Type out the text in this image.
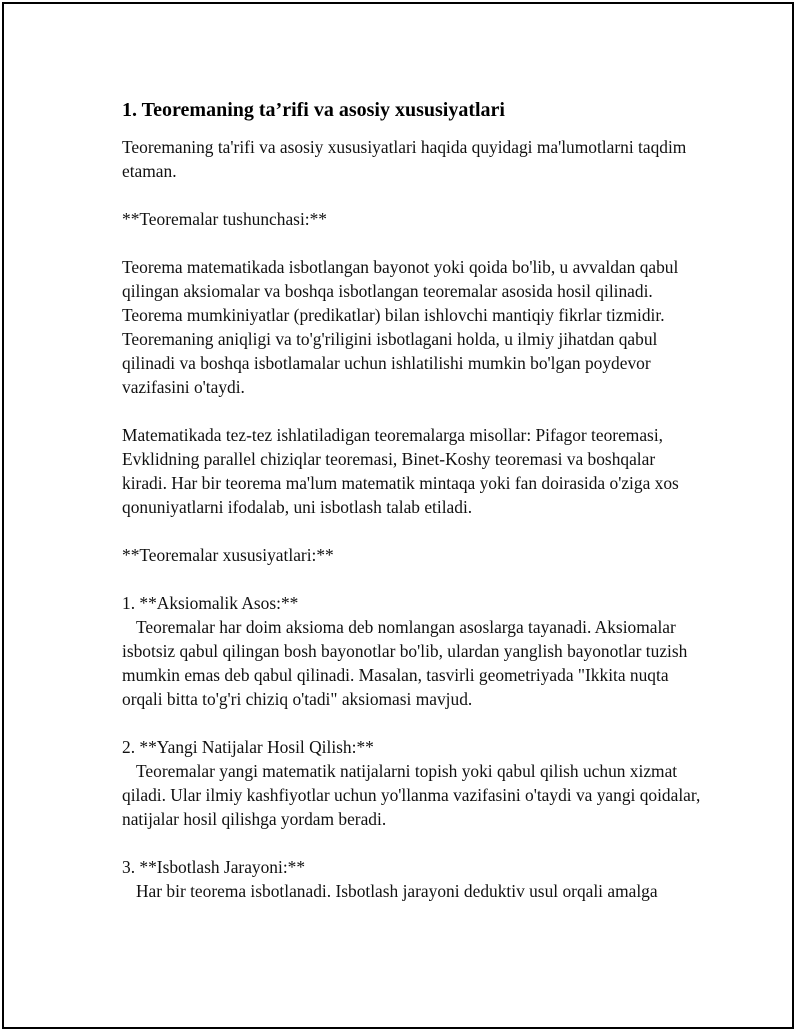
1. Teoremaning ta’rifi va asosiy xususiyatlari

Teoremaning ta'rifi va asosiy xususiyatlari haqida quyidagi ma'lumotlarni taqdim etaman.

**Teoremalar tushunchasi:**

Teorema matematikada isbotlangan bayonot yoki qoida bo'lib, u avvaldan qabul qilingan aksiomalar va boshqa isbotlangan teoremalar asosida hosil qilinadi. Teorema mumkiniyatlar (predikatlar) bilan ishlovchi mantiqiy fikrlar tizmidir. Teoremaning aniqligi va to'g'riligini isbotlagani holda, u ilmiy jihatdan qabul qilinadi va boshqa isbotlamalar uchun ishlatilishi mumkin bo'lgan poydevor vazifasini o'taydi.

Matematikada tez-tez ishlatiladigan teoremalarga misollar: Pifagor teoremasi, Evklidning parallel chiziqlar teoremasi, Binet-Koshy teoremasi va boshqalar kiradi. Har bir teorema ma'lum matematik mintaqa yoki fan doirasida o'ziga xos qonuniyatlarni ifodalab, uni isbotlash talab etiladi.

**Teoremalar xususiyatlari:**

1. **Aksiomalik Asos:**
Teoremalar har doim aksioma deb nomlangan asoslarga tayanadi. Aksiomalar isbotsiz qabul qilingan bosh bayonotlar bo'lib, ulardan yanglish bayonotlar tuzish mumkin emas deb qabul qilinadi. Masalan, tasvirli geometriyada "Ikkita nuqta orqali bitta to'g'ri chiziq o'tadi" aksiomasi mavjud.
2. **Yangi Natijalar Hosil Qilish:**
Teoremalar yangi matematik natijalarni topish yoki qabul qilish uchun xizmat qiladi. Ular ilmiy kashfiyotlar uchun yo'llanma vazifasini o'taydi va yangi qoidalar, natijalar hosil qilishga yordam beradi.
3. **Isbotlash Jarayoni:**
Har bir teorema isbotlanadi. Isbotlash jarayoni deduktiv usul orqali amalga
